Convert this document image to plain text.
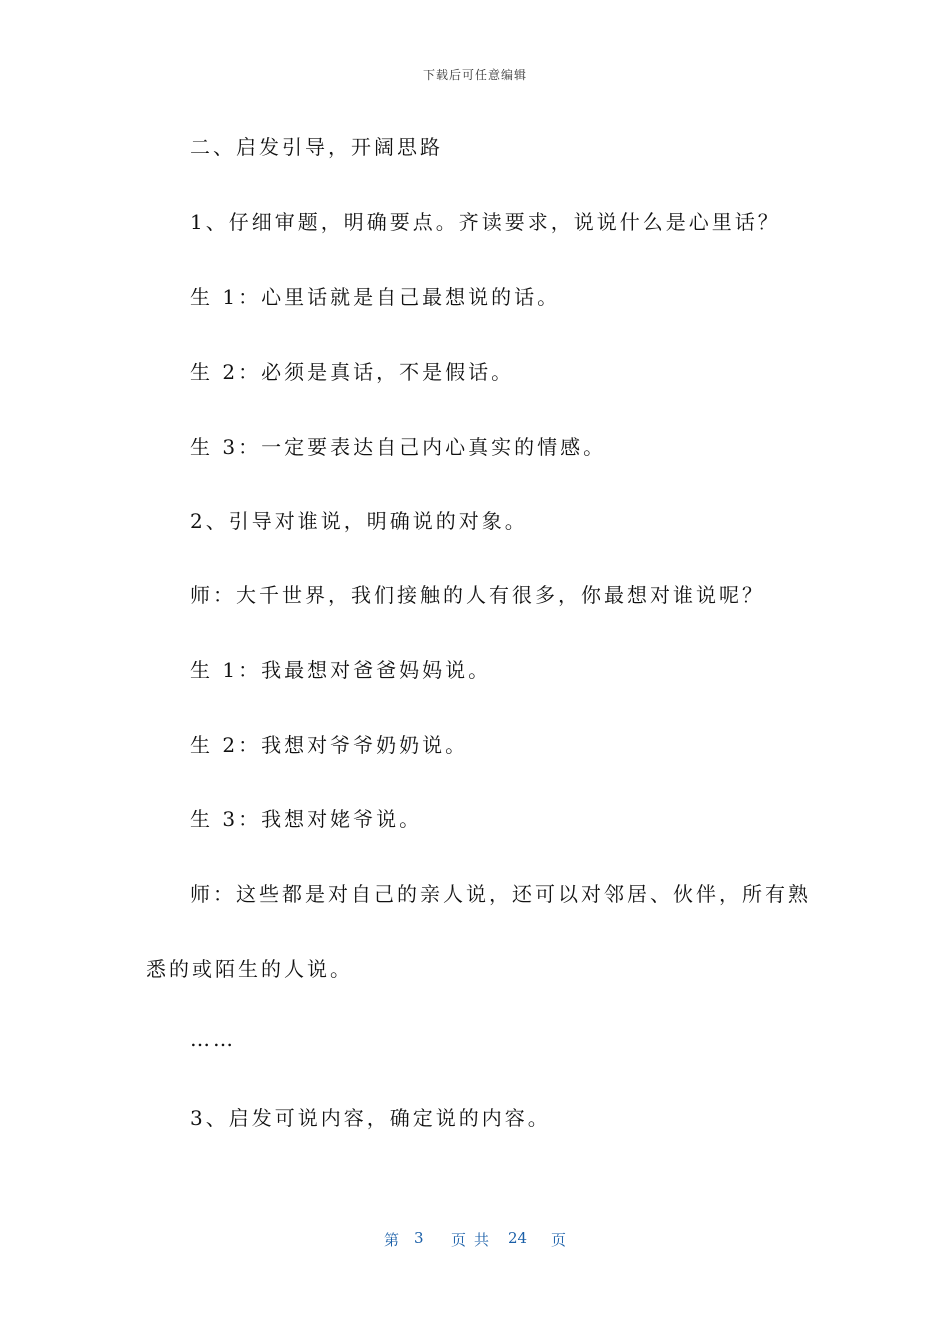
下载后可任意编辑
二、启发引导，开阔思路
1、仔细审题，明确要点。齐读要求，说说什么是心里话？
生 1：心里话就是自己最想说的话。
生 2：必须是真话，不是假话。
生 3：一定要表达自己内心真实的情感。
2、引导对谁说，明确说的对象。
师：大千世界，我们接触的人有很多，你最想对谁说呢？
生 1：我最想对爸爸妈妈说。
生 2：我想对爷爷奶奶说。
生 3：我想对姥爷说。
师：这些都是对自己的亲人说，还可以对邻居、伙伴，所有熟
悉的或陌生的人说。
……
3、启发可说内容，确定说的内容。
第 3 页共 24 页
